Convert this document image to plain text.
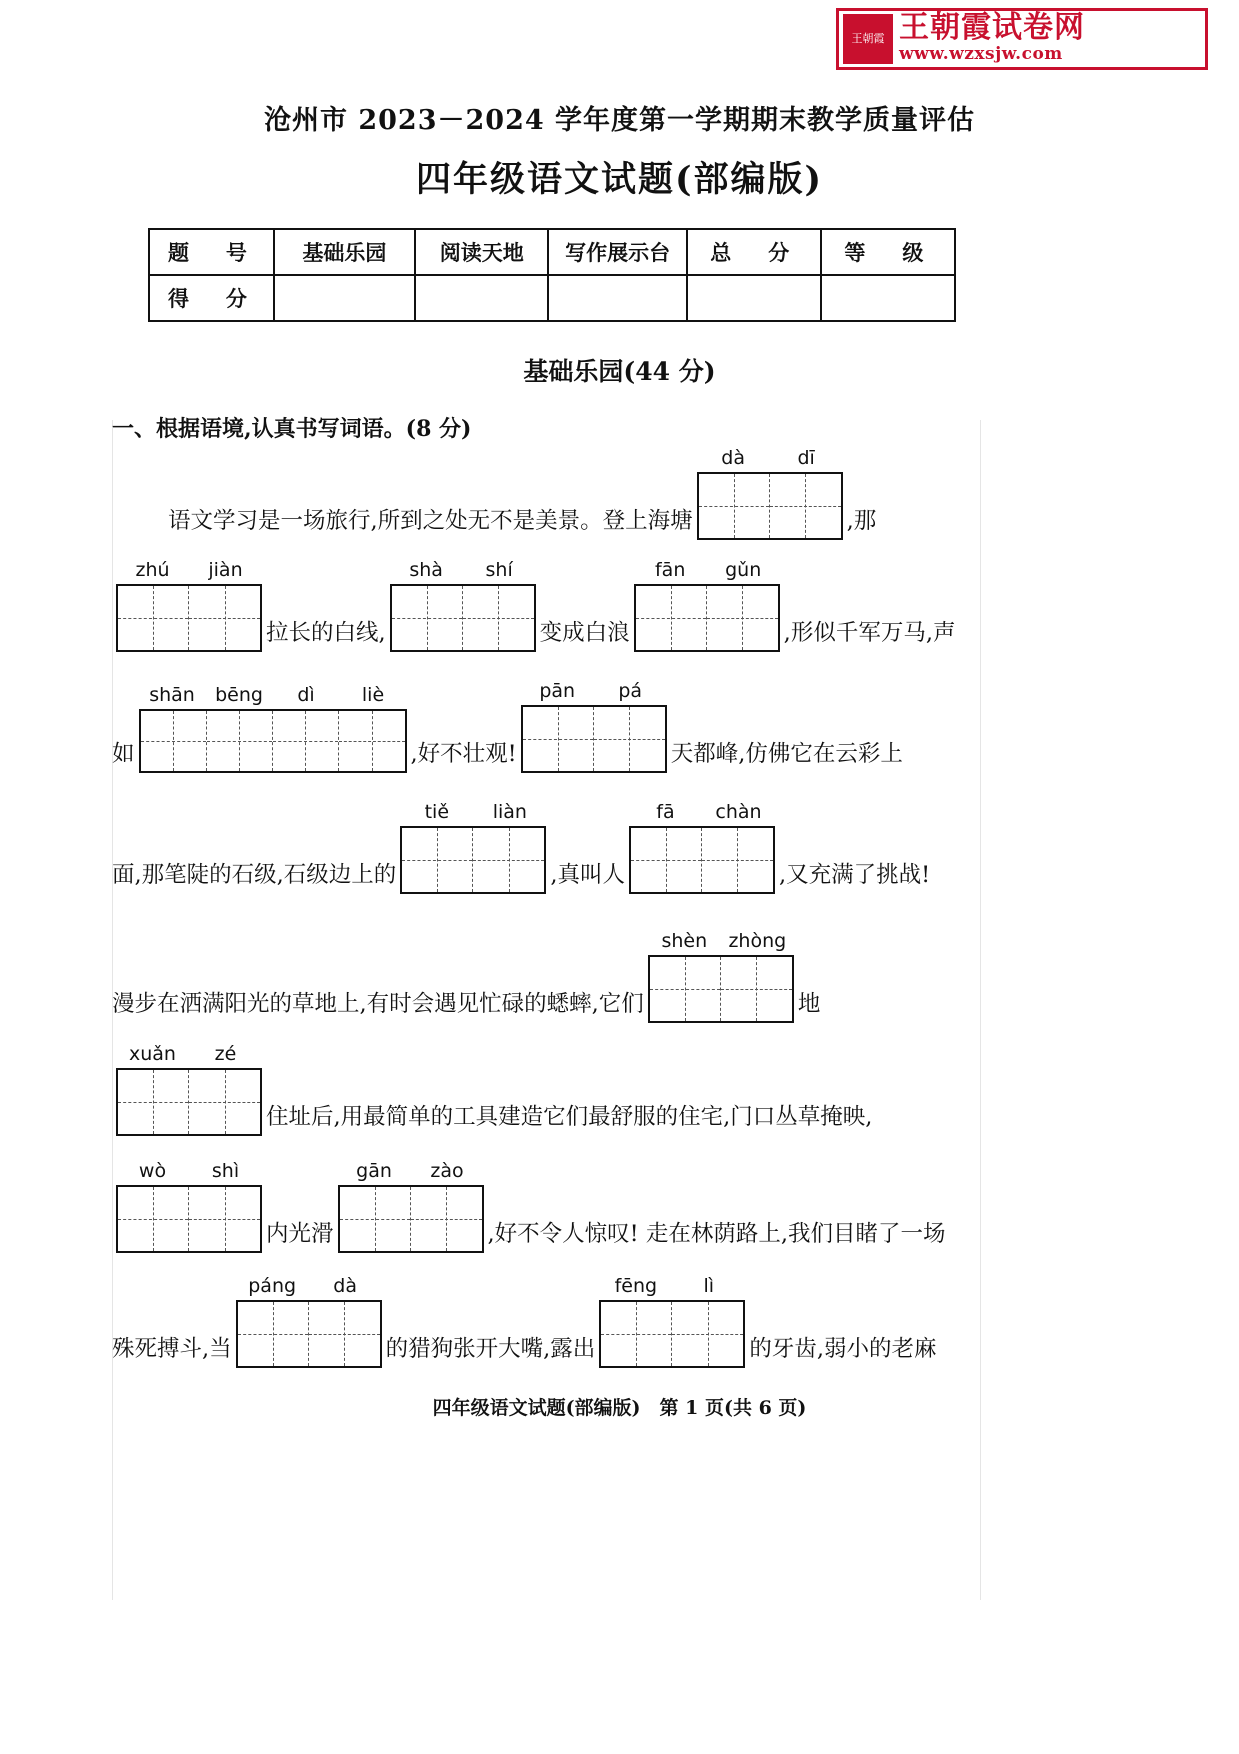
王朝霞 王朝霞试卷网
www.wzxsjw.com
沧州市 2023－2024 学年度第一学期期末教学质量评估
四年级语文试题(部编版)
题　号	基础乐园	阅读天地	写作展示台	总　分	等　级
得　分					
基础乐园(44 分)
一、根据语境,认真书写词语。(8 分)
语文学习是一场旅行,所到之处无不是美景。登上海塘
dà	dī
,那
zhú	jiàn
拉长的白线,
shà	shí
变成白浪
fān	gǔn
,形似千军万马,声
如
shān	bēng	dì	liè
,好不壮观!
pān	pá
天都峰,仿佛它在云彩上
面,那笔陡的石级,石级边上的
tiě	liàn
,真叫人
fā	chàn
,又充满了挑战!
漫步在洒满阳光的草地上,有时会遇见忙碌的蟋蟀,它们
shèn	zhòng
地
xuǎn	zé
住址后,用最简单的工具建造它们最舒服的住宅,门口丛草掩映,
wò	shì
内光滑
gān	zào
,好不令人惊叹! 走在林荫路上,我们目睹了一场
殊死搏斗,当
páng	dà
的猎狗张开大嘴,露出
fēng	lì
的牙齿,弱小的老麻
四年级语文试题(部编版)　第 1 页(共 6 页)
